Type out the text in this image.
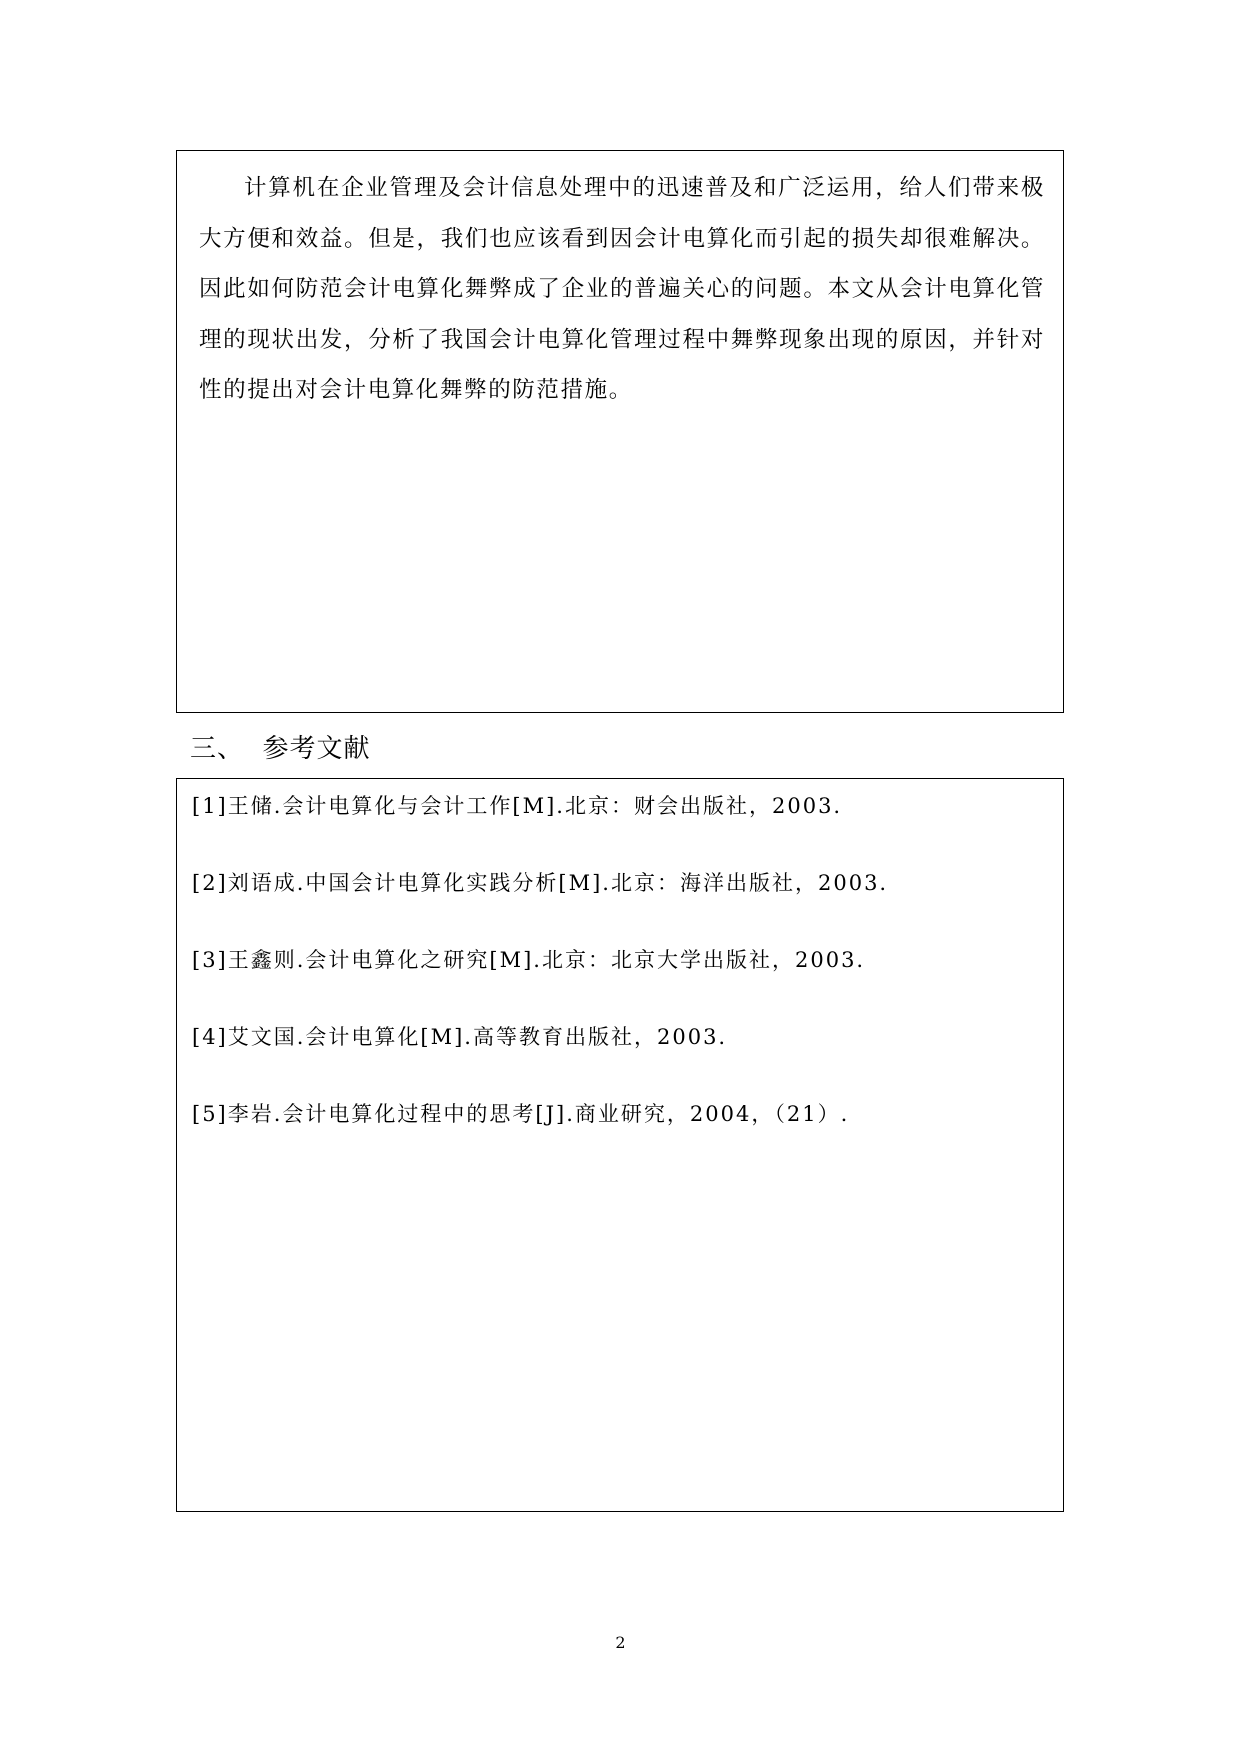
计算机在企业管理及会计信息处理中的迅速普及和广泛运用，给人们带来极大方便和效益。但是，我们也应该看到因会计电算化而引起的损失却很难解决。因此如何防范会计电算化舞弊成了企业的普遍关心的问题。本文从会计电算化管理的现状出发，分析了我国会计电算化管理过程中舞弊现象出现的原因，并针对性的提出对会计电算化舞弊的防范措施。

三、  参考文献
[1]王储.会计电算化与会计工作[M].北京：财会出版社，2003.
[2]刘语成.中国会计电算化实践分析[M].北京：海洋出版社，2003.
[3]王鑫则.会计电算化之研究[M].北京：北京大学出版社，2003.
[4]艾文国.会计电算化[M].高等教育出版社，2003.
[5]李岩.会计电算化过程中的思考[J].商业研究，2004，（21）.
2
